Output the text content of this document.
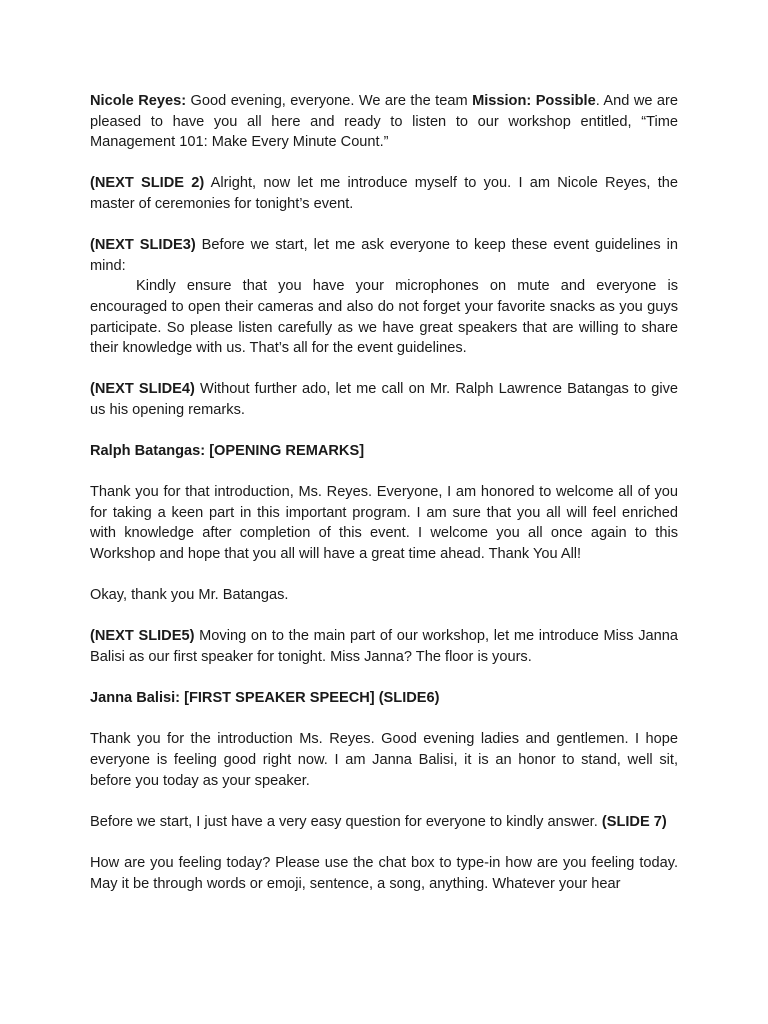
Nicole Reyes: Good evening, everyone. We are the team Mission: Possible. And we are pleased to have you all here and ready to listen to our workshop entitled, “Time Management 101: Make Every Minute Count.”

(NEXT SLIDE 2) Alright, now let me introduce myself to you. I am Nicole Reyes, the master of ceremonies for tonight’s event.

(NEXT SLIDE3) Before we start, let me ask everyone to keep these event guidelines in mind:

Kindly ensure that you have your microphones on mute and everyone is encouraged to open their cameras and also do not forget your favorite snacks as you guys participate. So please listen carefully as we have great speakers that are willing to share their knowledge with us. That’s all for the event guidelines.

(NEXT SLIDE4) Without further ado, let me call on Mr. Ralph Lawrence Batangas to give us his opening remarks.

Ralph Batangas: [OPENING REMARKS]

Thank you for that introduction, Ms. Reyes. Everyone, I am honored to welcome all of you for taking a keen part in this important program. I am sure that you all will feel enriched with knowledge after completion of this event. I welcome you all once again to this Workshop and hope that you all will have a great time ahead. Thank You All!

Okay, thank you Mr. Batangas.

(NEXT SLIDE5) Moving on to the main part of our workshop, let me introduce Miss Janna Balisi as our first speaker for tonight. Miss Janna? The floor is yours.

Janna Balisi: [FIRST SPEAKER SPEECH] (SLIDE6)

Thank you for the introduction Ms. Reyes. Good evening ladies and gentlemen. I hope everyone is feeling good right now. I am Janna Balisi, it is an honor to stand, well sit, before you today as your speaker.

Before we start, I just have a very easy question for everyone to kindly answer. (SLIDE 7)

How are you feeling today? Please use the chat box to type-in how are you feeling today. May it be through words or emoji, sentence, a song, anything. Whatever your hear
